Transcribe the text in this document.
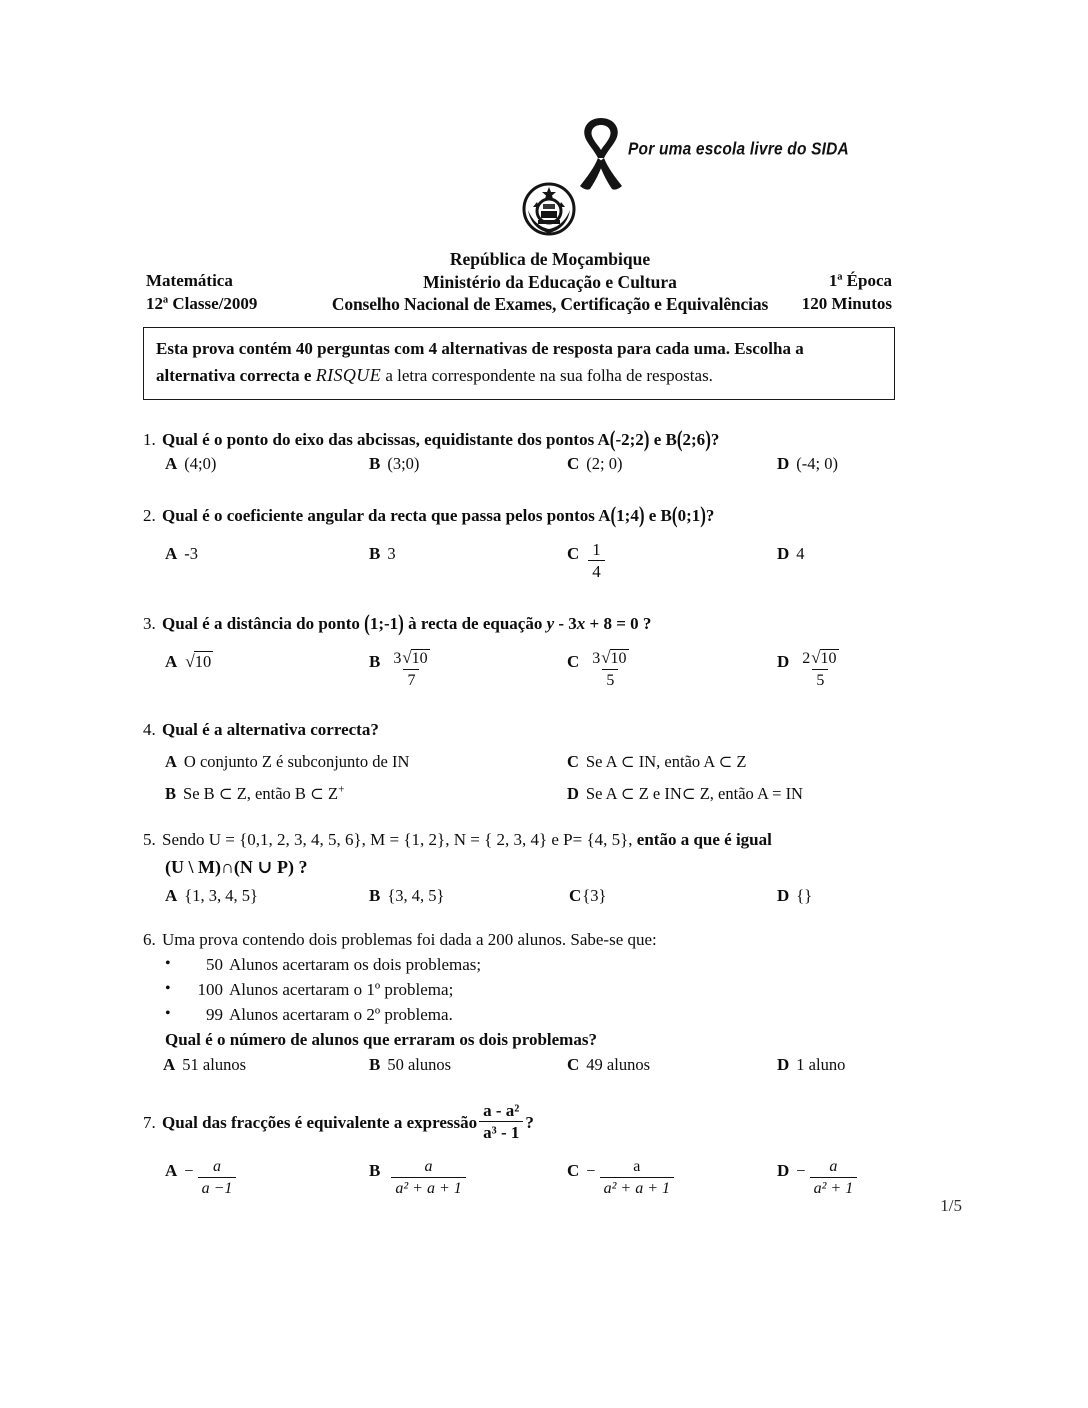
Por uma escola livre do SIDA
República de Moçambique
Ministério da Educação e Cultura
Conselho Nacional de Exames, Certificação e Equivalências
Matemática
12ª Classe/2009
1ª Época
120 Minutos

Esta prova contém 40 perguntas com 4 alternativas de resposta para cada uma. Escolha a

alternativa correcta e RISQUE a letra correspondente na sua folha de respostas.

1. Qual é o ponto do eixo das abcissas, equidistante dos pontos A(-2;2) e B(2;6)?
A (4;0)	B (3;0)	C (2; 0)	D (-4; 0)
2. Qual é o coeficiente angular da recta que passa pelos pontos A(1;4) e B(0;1)?
A -3	B 3	C $\frac{1}{4}$	D 4
3. Qual é a distância do ponto (1;-1) à recta de equação y - 3x + 8 = 0 ?
A √10	B $\frac{3√10}{7}$	C $\frac{3√10}{5}$	D $\frac{2√10}{5}$
4. Qual é a alternativa correcta?
A O conjunto Z é subconjunto de IN	C Se A ⊂ IN, então A ⊂ Z
B Se B ⊂ Z, então B ⊂ Z+	D Se A ⊂ Z e IN⊂ Z, então A = IN
5. Sendo U = {0,1, 2, 3, 4, 5, 6}, M = {1, 2}, N = { 2, 3, 4} e P= {4, 5}, então a que é igual
(U \ M)∩(N ∪ P) ?
A {1, 3, 4, 5}	B {3, 4, 5}	C {3}	D {}
6. Uma prova contendo dois problemas foi dada a 200 alunos. Sabe-se que:
• 50 Alunos acertaram os dois problemas;
• 100 Alunos acertaram o 1º problema;
• 99 Alunos acertaram o 2º problema.
Qual é o número de alunos que erraram os dois problemas?
A 51 alunos	B 50 alunos	C 49 alunos	D 1 aluno
7. Qual das fracções é equivalente a expressão $\frac{\text{a - a²}}{\text{a³ - 1}}$ ?
$A - \frac{a}{a -1}$	B $\frac{a}{\text{a² + a + 1}}$	$C - \frac{a}{\text{a² + a + 1}}$	$D - \frac{a}{\text{a² + 1}}$
1/5
